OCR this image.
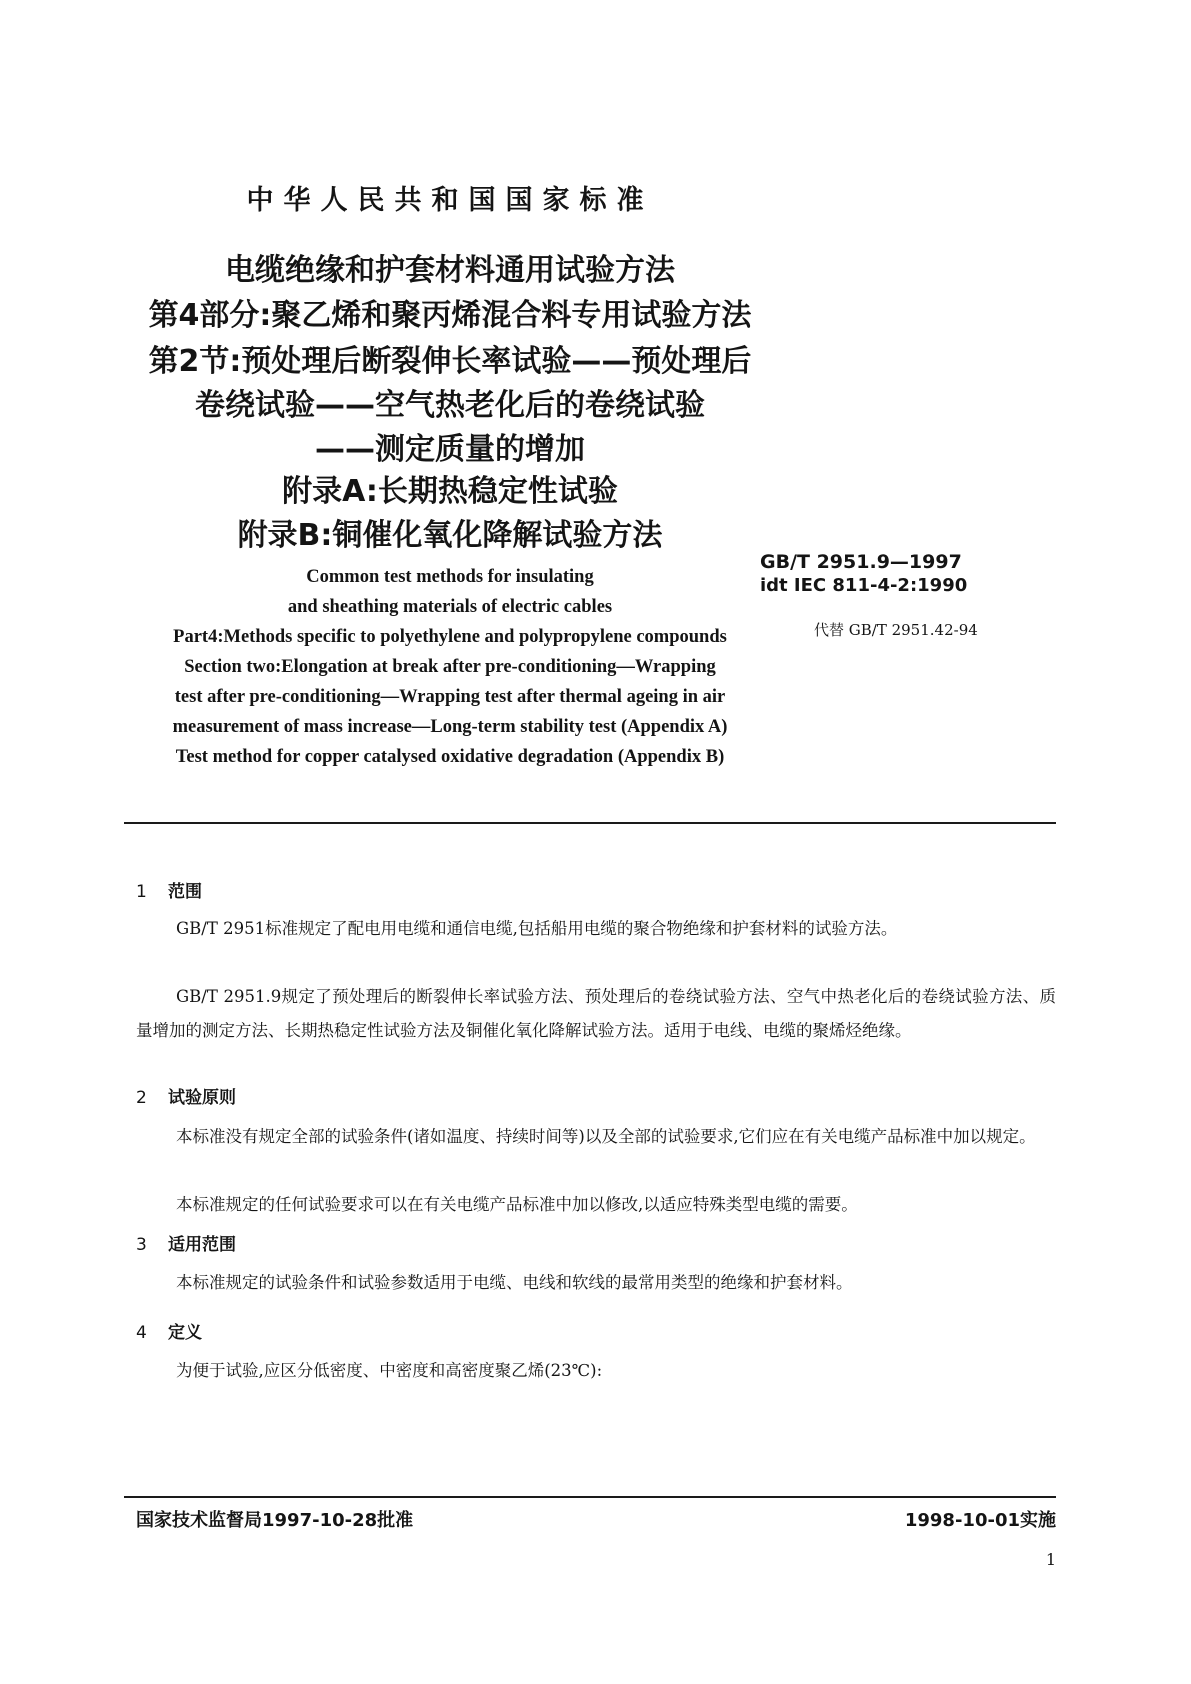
中华人民共和国国家标准
电缆绝缘和护套材料通用试验方法
第4部分:聚乙烯和聚丙烯混合料专用试验方法
第2节:预处理后断裂伸长率试验——预处理后
卷绕试验——空气热老化后的卷绕试验
——测定质量的增加
附录A:长期热稳定性试验
附录B:铜催化氧化降解试验方法
GB/T 2951.9—1997
idt IEC 811-4-2:1990
代替 GB/T 2951.42-94
Common test methods for insulating
and sheathing materials of electric cables
Part4:Methods specific to polyethylene and polypropylene compounds
Section two:Elongation at break after pre-conditioning—Wrapping
test after pre-conditioning—Wrapping test after thermal ageing in air
measurement of mass increase—Long-term stability test (Appendix A)
Test method for copper catalysed oxidative degradation (Appendix B)
1 范围
GB/T 2951标准规定了配电用电缆和通信电缆,包括船用电缆的聚合物绝缘和护套材料的试验方法。
GB/T 2951.9规定了预处理后的断裂伸长率试验方法、预处理后的卷绕试验方法、空气中热老化后的卷绕试验方法、质量增加的测定方法、长期热稳定性试验方法及铜催化氧化降解试验方法。适用于电线、电缆的聚烯烃绝缘。
2 试验原则
本标准没有规定全部的试验条件(诸如温度、持续时间等)以及全部的试验要求,它们应在有关电缆产品标准中加以规定。
本标准规定的任何试验要求可以在有关电缆产品标准中加以修改,以适应特殊类型电缆的需要。
3 适用范围
本标准规定的试验条件和试验参数适用于电缆、电线和软线的最常用类型的绝缘和护套材料。
4 定义
为便于试验,应区分低密度、中密度和高密度聚乙烯(23℃):
国家技术监督局1997-10-28批准	1998-10-01实施
1
